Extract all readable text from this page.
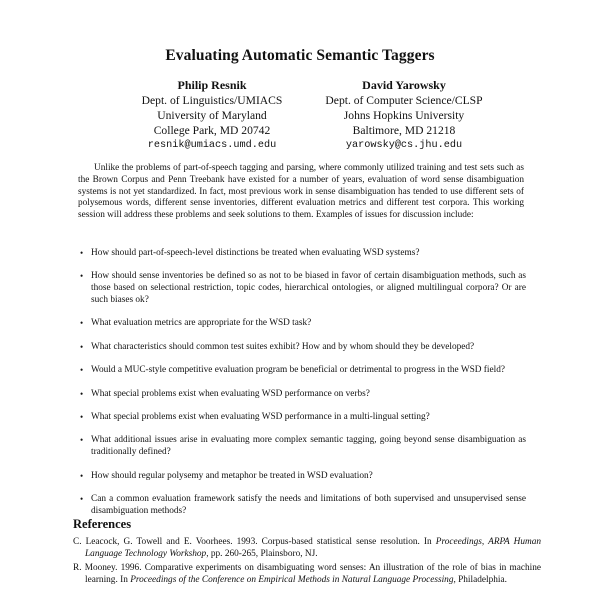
Evaluating Automatic Semantic Taggers
Philip Resnik
Dept. of Linguistics/UMIACS
University of Maryland
College Park, MD 20742
resnik@umiacs.umd.edu
David Yarowsky
Dept. of Computer Science/CLSP
Johns Hopkins University
Baltimore, MD 21218
yarowsky@cs.jhu.edu
Unlike the problems of part-of-speech tagging and parsing, where commonly utilized training and test sets such as the Brown Corpus and Penn Treebank have existed for a number of years, evaluation of word sense disambiguation systems is not yet standardized. In fact, most previous work in sense disambiguation has tended to use different sets of polysemous words, different sense inventories, different evaluation metrics and different test corpora. This working session will address these problems and seek solutions to them. Examples of issues for discussion include:
• How should part-of-speech-level distinctions be treated when evaluating WSD systems?
• How should sense inventories be defined so as not to be biased in favor of certain disambiguation methods, such as those based on selectional restriction, topic codes, hierarchical ontologies, or aligned multilingual corpora? Or are such biases ok?
• What evaluation metrics are appropriate for the WSD task?
• What characteristics should common test suites exhibit? How and by whom should they be developed?
• Would a MUC-style competitive evaluation program be beneficial or detrimental to progress in the WSD field?
• What special problems exist when evaluating WSD performance on verbs?
• What special problems exist when evaluating WSD performance in a multi-lingual setting?
• What additional issues arise in evaluating more complex semantic tagging, going beyond sense disambiguation as traditionally defined?
• How should regular polysemy and metaphor be treated in WSD evaluation?
• Can a common evaluation framework satisfy the needs and limitations of both supervised and unsupervised sense disambiguation methods?
References
C. Leacock, G. Towell and E. Voorhees. 1993. Corpus-based statistical sense resolution. In Proceedings, ARPA Human Language Technology Workshop, pp. 260-265, Plainsboro, NJ.
R. Mooney. 1996. Comparative experiments on disambiguating word senses: An illustration of the role of bias in machine learning. In Proceedings of the Conference on Empirical Methods in Natural Language Processing, Philadelphia.
